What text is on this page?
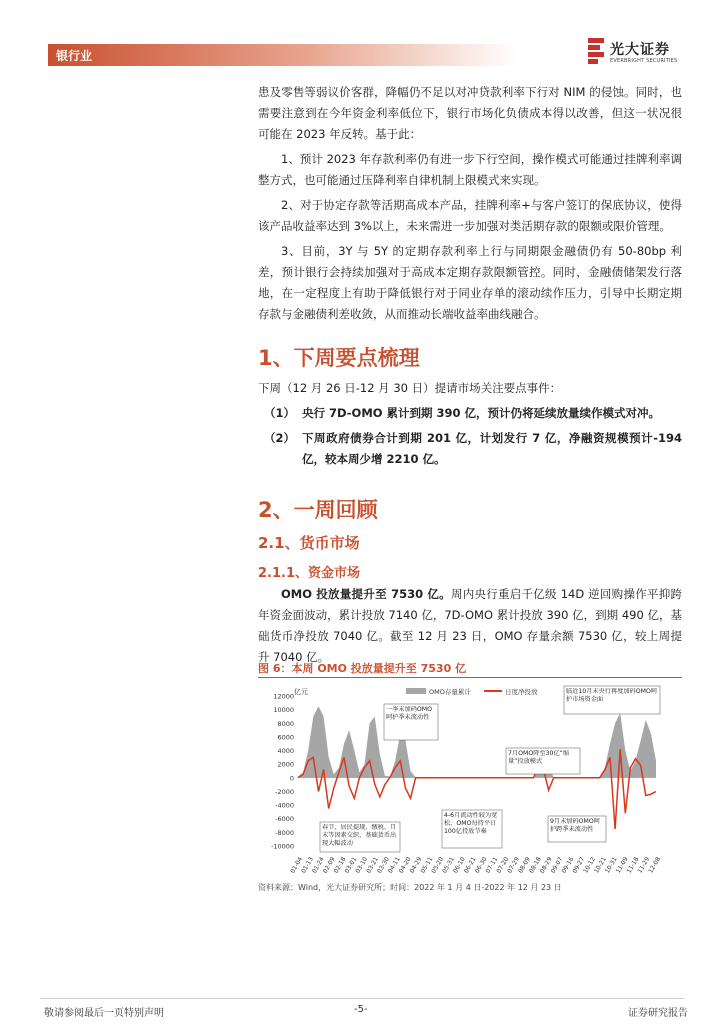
银行业	光大证券
EVERBRIGHT SECURITIES

患及零售等弱议价客群，降幅仍不足以对冲贷款利率下行对 NIM 的侵蚀。同时，也需要注意到在今年资金利率低位下，银行市场化负债成本得以改善，但这一状况很可能在 2023 年反转。基于此：

1、预计 2023 年存款利率仍有进一步下行空间，操作模式可能通过挂牌利率调整方式，也可能通过压降利率自律机制上限模式来实现。

2、对于协定存款等活期高成本产品，挂牌利率+与客户签订的保底协议，使得该产品收益率达到 3%以上，未来需进一步加强对类活期存款的限额或限价管理。

3、目前，3Y 与 5Y 的定期存款利率上行与同期限金融债仍有 50-80bp 利差，预计银行会持续加强对于高成本定期存款限额管控。同时，金融债储架发行落地，在一定程度上有助于降低银行对于同业存单的滚动续作压力，引导中长期定期存款与金融债利差收敛，从而推动长端收益率曲线融合。

1、下周要点梳理

下周（12 月 26 日-12 月 30 日）提请市场关注要点事件：

（1） 央行 7D-OMO 累计到期 390 亿，预计仍将延续放量续作模式对冲。
（2） 下周政府债券合计到期 201 亿，计划发行 7 亿，净融资规模预计-194 亿，较本周少增 2210 亿。
2、一周回顾
2.1、货币市场
2.1.1、资金市场

OMO 投放量提升至 7530 亿。周内央行重启千亿级 14D 逆回购操作平抑跨年资金面波动，累计投放 7140 亿，7D-OMO 累计投放 390 亿，到期 490 亿，基础货币净投放 7040 亿。截至 12 月 23 日，OMO 存量余额 7530 亿，较上周提升 7040 亿。

图 6：本周 OMO 投放量提升至 7530 亿
亿元
-10000
-8000
-6000
-4000
-2000
0
2000
4000
6000
8000
10000
12000
01-04
01-13
01-24
02-09
02-18
03-01
03-10
03-21
03-30
04-11
04-20
04-29
05-11
05-20
05-31
06-10
06-21
06-30
07-11
07-20
07-29
08-09
08-18
08-29
09-07
09-16
09-27
10-12
10-21
10-31
11-09
11-18
11-29
12-08
OMO存量累计	日度净投放
一季末加码OMO呵护季末流动性
4-6月流动性较为宽松，OMO每持平日100亿投放节奏
7月OMO降至30亿“缩量”投放模式
9月末加码OMO呵护跨季末流动性
春节、居民提现、缴税、月末等因素交织，基础货币出现大幅波动
临近10月末央行再度加码OMO呵护市场资金面
资料来源：Wind，光大证券研究所；时间：2022 年 1 月 4 日-2022 年 12 月 23 日
敬请参阅最后一页特别声明	-5-	证券研究报告
